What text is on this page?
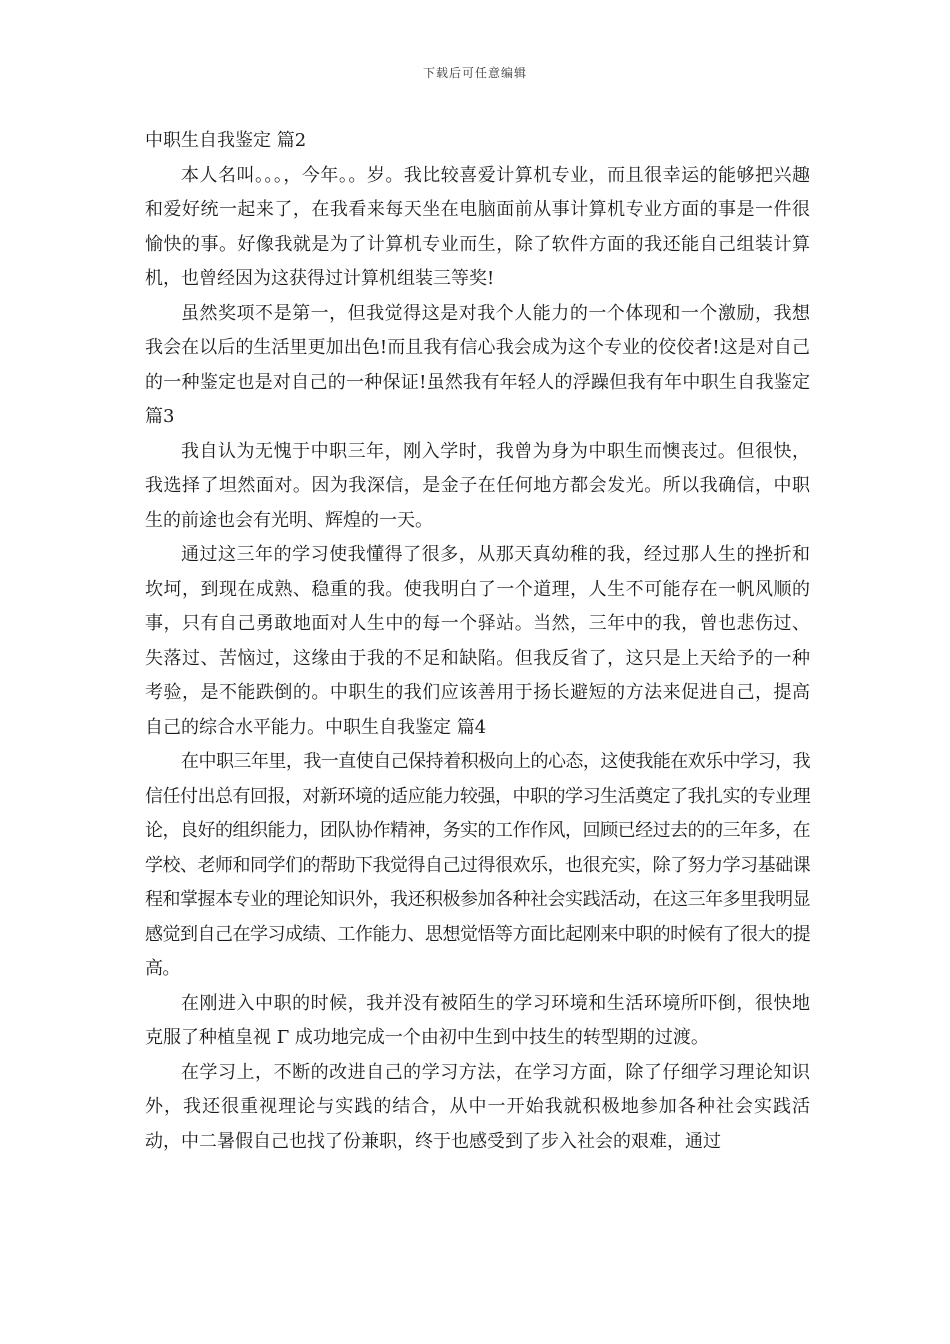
下载后可任意编辑

中职生自我鉴定 篇2

本人名叫。。。，今年。。岁。我比较喜爱计算机专业，而且很幸运的能够把兴趣和爱好统一起来了，在我看来每天坐在电脑面前从事计算机专业方面的事是一件很愉快的事。好像我就是为了计算机专业而生，除了软件方面的我还能自己组装计算机，也曾经因为这获得过计算机组装三等奖!

虽然奖项不是第一，但我觉得这是对我个人能力的一个体现和一个激励，我想我会在以后的生活里更加出色!而且我有信心我会成为这个专业的佼佼者!这是对自己的一种鉴定也是对自己的一种保证!虽然我有年轻人的浮躁但我有年中职生自我鉴定 篇3

我自认为无愧于中职三年，刚入学时，我曾为身为中职生而懊丧过。但很快，我选择了坦然面对。因为我深信，是金子在任何地方都会发光。所以我确信，中职生的前途也会有光明、辉煌的一天。

通过这三年的学习使我懂得了很多，从那天真幼稚的我，经过那人生的挫折和坎坷，到现在成熟、稳重的我。使我明白了一个道理，人生不可能存在一帆风顺的事，只有自己勇敢地面对人生中的每一个驿站。当然，三年中的我，曾也悲伤过、失落过、苦恼过，这缘由于我的不足和缺陷。但我反省了，这只是上天给予的一种考验，是不能跌倒的。中职生的我们应该善用于扬长避短的方法来促进自己，提高自己的综合水平能力。中职生自我鉴定 篇4

在中职三年里，我一直使自己保持着积极向上的心态，这使我能在欢乐中学习，我信任付出总有回报，对新环境的适应能力较强，中职的学习生活奠定了我扎实的专业理论，良好的组织能力，团队协作精神，务实的工作作风，回顾已经过去的的三年多，在学校、老师和同学们的帮助下我觉得自己过得很欢乐，也很充实，除了努力学习基础课程和掌握本专业的理论知识外，我还积极参加各种社会实践活动，在这三年多里我明显感觉到自己在学习成绩、工作能力、思想觉悟等方面比起刚来中职的时候有了很大的提高。

在刚进入中职的时候，我并没有被陌生的学习环境和生活环境所吓倒，很快地克服了种植皇视 Γ 成功地完成一个由初中生到中技生的转型期的过渡。

在学习上，不断的改进自己的学习方法，在学习方面，除了仔细学习理论知识外，我还很重视理论与实践的结合，从中一开始我就积极地参加各种社会实践活动，中二暑假自己也找了份兼职，终于也感受到了步入社会的艰难，通过
